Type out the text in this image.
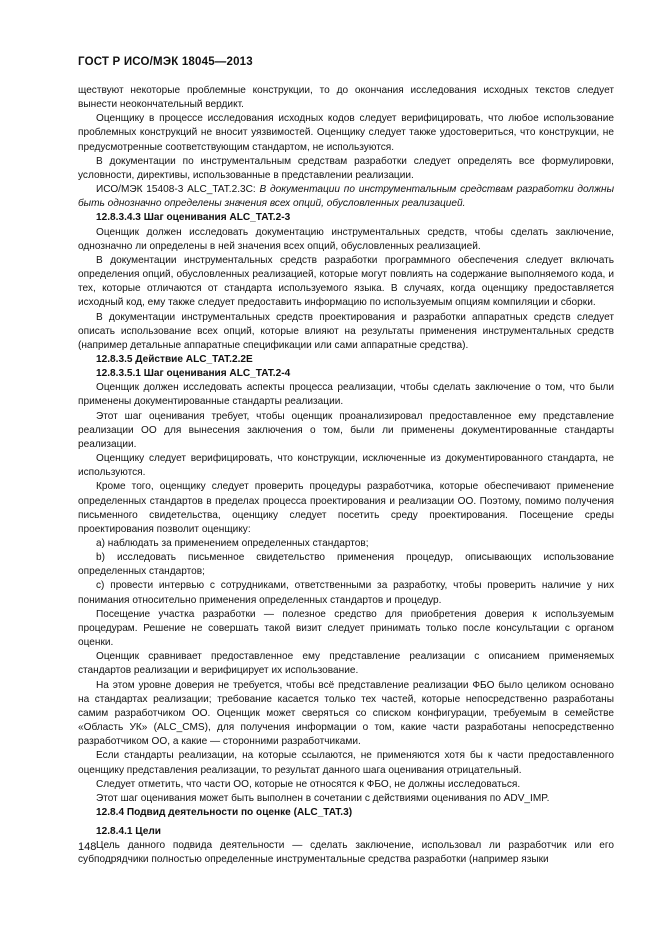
ГОСТ Р ИСО/МЭК 18045—2013

ществуют некоторые проблемные конструкции, то до окончания исследования исходных текстов следует вынести неокончательный вердикт.

Оценщику в процессе исследования исходных кодов следует верифицировать, что любое использование проблемных конструкций не вносит уязвимостей. Оценщику следует также удостовериться, что конструкции, не предусмотренные соответствующим стандартом, не используются.

В документации по инструментальным средствам разработки следует определять все формулировки, условности, директивы, использованные в представлении реализации.

ИСО/МЭК 15408-3 ALC_TAT.2.3C: В документации по инструментальным средствам разработки должны быть однозначно определены значения всех опций, обусловленных реализацией.

12.8.3.4.3 Шаг оценивания ALC_TAT.2-3

Оценщик должен исследовать документацию инструментальных средств, чтобы сделать заключение, однозначно ли определены в ней значения всех опций, обусловленных реализацией.

В документации инструментальных средств разработки программного обеспечения следует включать определения опций, обусловленных реализацией, которые могут повлиять на содержание выполняемого кода, и тех, которые отличаются от стандарта используемого языка. В случаях, когда оценщику предоставляется исходный код, ему также следует предоставить информацию по используемым опциям компиляции и сборки.

В документации инструментальных средств проектирования и разработки аппаратных средств следует описать использование всех опций, которые влияют на результаты применения инструментальных средств (например детальные аппаратные спецификации или сами аппаратные средства).

12.8.3.5 Действие ALC_TAT.2.2E

12.8.3.5.1 Шаг оценивания ALC_TAT.2-4

Оценщик должен исследовать аспекты процесса реализации, чтобы сделать заключение о том, что были применены документированные стандарты реализации.

Этот шаг оценивания требует, чтобы оценщик проанализировал предоставленное ему представление реализации ОО для вынесения заключения о том, были ли применены документированные стандарты реализации.

Оценщику следует верифицировать, что конструкции, исключенные из документированного стандарта, не используются.

Кроме того, оценщику следует проверить процедуры разработчика, которые обеспечивают применение определенных стандартов в пределах процесса проектирования и реализации ОО. Поэтому, помимо получения письменного свидетельства, оценщику следует посетить среду проектирования. Посещение среды проектирования позволит оценщику:

a) наблюдать за применением определенных стандартов;

b) исследовать письменное свидетельство применения процедур, описывающих использование определенных стандартов;

c) провести интервью с сотрудниками, ответственными за разработку, чтобы проверить наличие у них понимания относительно применения определенных стандартов и процедур.

Посещение участка разработки — полезное средство для приобретения доверия к используемым процедурам. Решение не совершать такой визит следует принимать только после консультации с органом оценки.

Оценщик сравнивает предоставленное ему представление реализации с описанием применяемых стандартов реализации и верифицирует их использование.

На этом уровне доверия не требуется, чтобы всё представление реализации ФБО было целиком основано на стандартах реализации; требование касается только тех частей, которые непосредственно разработаны самим разработчиком ОО. Оценщик может сверяться со списком конфигурации, требуемым в семействе «Область УК» (ALC_CMS), для получения информации о том, какие части разработаны непосредственно разработчиком ОО, а какие — сторонними разработчиками.

Если стандарты реализации, на которые ссылаются, не применяются хотя бы к части предоставленного оценщику представления реализации, то результат данного шага оценивания отрицательный.

Следует отметить, что части ОО, которые не относятся к ФБО, не должны исследоваться.

Этот шаг оценивания может быть выполнен в сочетании с действиями оценивания по ADV_IMP.

12.8.4 Подвид деятельности по оценке (ALC_TAT.3)

12.8.4.1 Цели

Цель данного подвида деятельности — сделать заключение, использовал ли разработчик или его субподрядчики полностью определенные инструментальные средства разработки (например языки

148
